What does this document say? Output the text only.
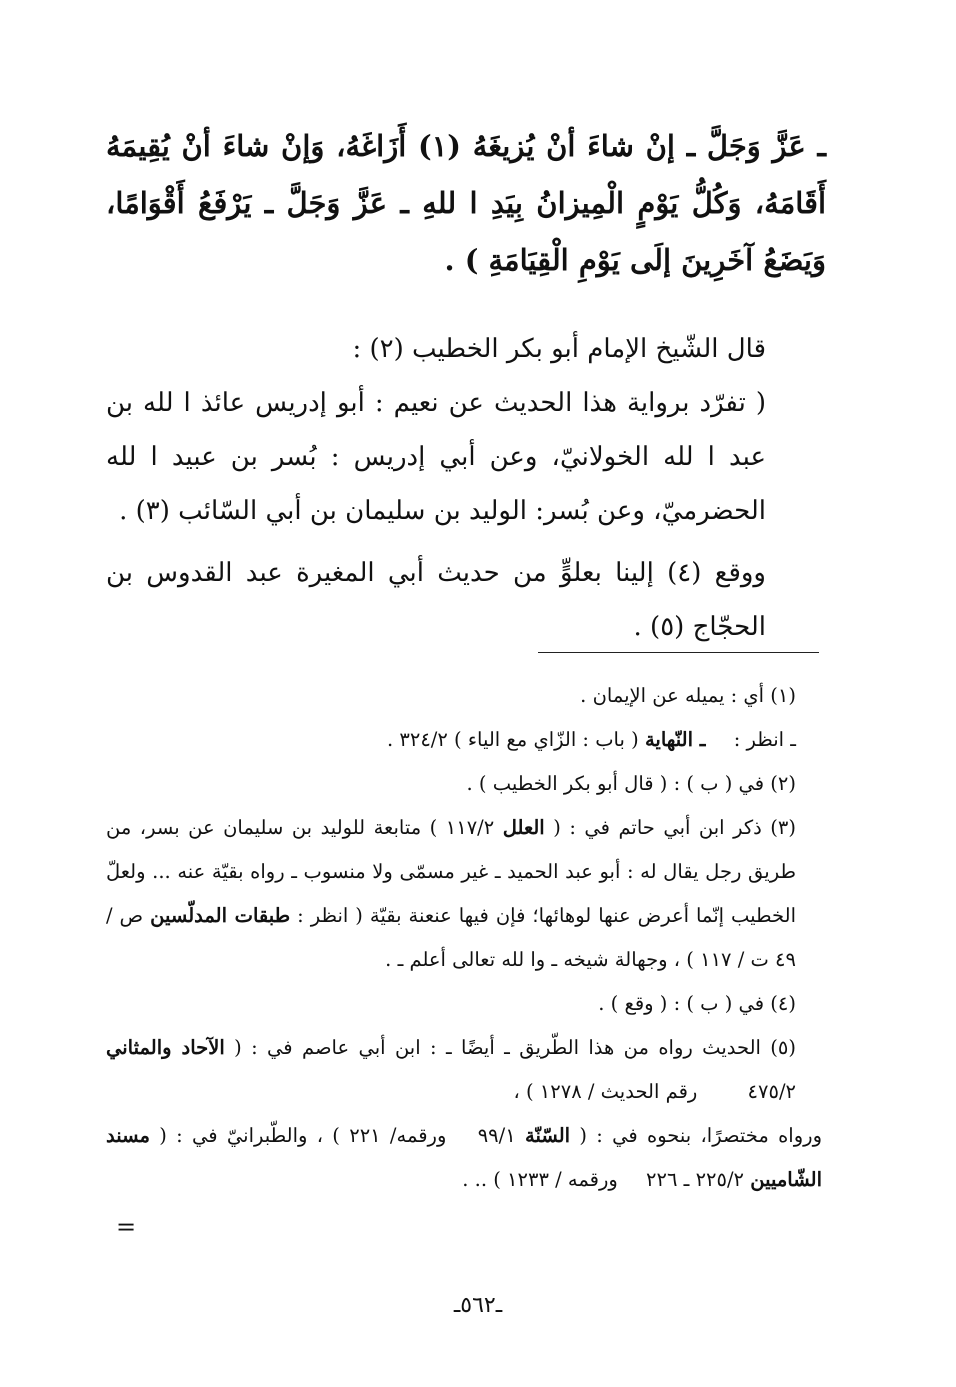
ـ عَزَّ وَجَلَّ ـ إنْ شاءَ أنْ يُزيغَهُ (١) أَزَاغَهُ، وَإنْ شاءَ أنْ يُقِيمَهُ أَقَامَهُ، وَكُلُّ يَوْمٍ الْمِيزانُ بِيَدِ ا للهِ ـ عَزَّ وَجَلَّ ـ يَرْفَعُ أَقْوَامًا، وَيَضَعُ آخَرِينَ إلَى يَوْمِ الْقِيَامَةِ ) .

قال الشّيخ الإمام أبو بكر الخطيب (٢) :

( تفرّد برواية هذا الحديث عن نعيم : أبو إدريس عائذ ا لله بن عبد ا لله الخولانيّ، وعن أبي إدريس : بُسر بن عبيد ا لله الحضرميّ، وعن بُسر: الوليد بن سليمان بن أبي السّائب (٣) .

ووقع (٤) إلينا بعلوٍّ من حديث أبي المغيرة عبد القدوس بن الحجّاج (٥) .

(١) أي : يميله عن الإيمان .

ـ انظر : ـ النّهاية ( باب : الزّاي مع الياء ) ٣٢٤/٢ .

(٢) في ( ب ) : ( قال أبو بكر الخطيب ) .

(٣) ذكر ابن أبي حاتم في : ( العلل ١١٧/٢ ) متابعة للوليد بن سليمان عن بسر، من طريق رجل يقال له : أبو عبد الحميد ـ غير مسمّى ولا منسوب ـ رواه بقيّة عنه ... ولعلّ الخطيب إنّما أعرض عنها لوهائها؛ فإن فيها عنعنة بقيّة ( انظر : طبقات المدلّسين ص / ٤٩ ت / ١١٧ ) ، وجهالة شيخه ـ وا لله تعالى أعلم ـ .

(٤) في ( ب ) : ( وقع ) .

(٥) الحديث رواه من هذا الطّريق ـ أيضًا ـ : ابن أبي عاصم في : ( الآحاد والمثاني ٤٧٥/٢ رقم الحديث / ١٢٧٨ ) ،

ورواه مختصرًا، بنحوه في : ( السّنّة ٩٩/١ ورقمه/ ٢٢١ ) ، والطّبرانيّ في : ( مسند الشّاميين ٢٢٥/٢ ـ ٢٢٦ ورقمه / ١٢٣٣ ) .. .

=
ـ٥٦٢ـ
